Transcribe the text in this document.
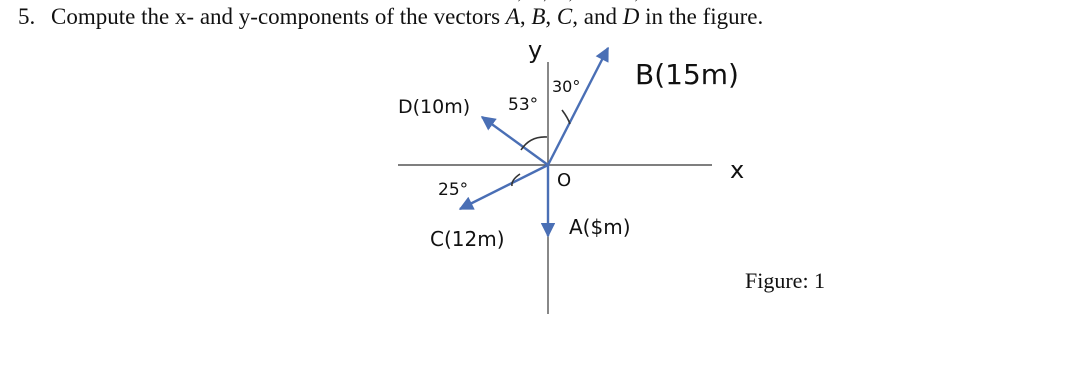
5. Compute the x- and y-components of the vectors → A, → B, → C, and → D in the figure.
y
x
O
B(15m)
D(10m)
C(12m)	A($m)
30°
53°
25°
Figure: 1
